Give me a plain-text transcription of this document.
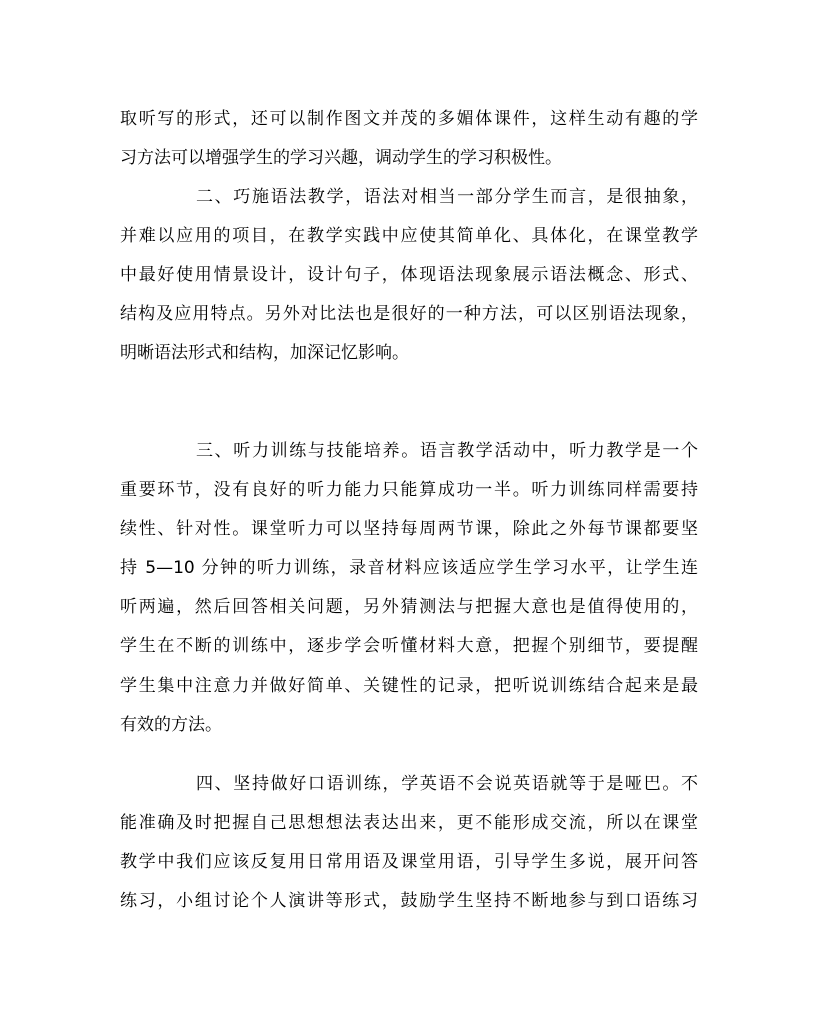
取听写的形式，还可以制作图文并茂的多媚体课件，这样生动有趣的学
习方法可以增强学生的学习兴趣，调动学生的学习积极性。
二、巧施语法教学，语法对相当一部分学生而言，是很抽象，
并难以应用的项目，在教学实践中应使其简单化、具体化，在课堂教学
中最好使用情景设计，设计句子，体现语法现象展示语法概念、形式、
结构及应用特点。另外对比法也是很好的一种方法，可以区别语法现象，
明晰语法形式和结构，加深记忆影响。
三、听力训练与技能培养。语言教学活动中，听力教学是一个
重要环节，没有良好的听力能力只能算成功一半。听力训练同样需要持
续性、针对性。课堂听力可以坚持每周两节课，除此之外每节课都要坚
持 5—10 分钟的听力训练，录音材料应该适应学生学习水平，让学生连
听两遍，然后回答相关问题，另外猜测法与把握大意也是值得使用的，
学生在不断的训练中，逐步学会听懂材料大意，把握个别细节，要提醒
学生集中注意力并做好简单、关键性的记录，把听说训练结合起来是最
有效的方法。
四、坚持做好口语训练，学英语不会说英语就等于是哑巴。不
能准确及时把握自己思想想法表达出来，更不能形成交流，所以在课堂
教学中我们应该反复用日常用语及课堂用语，引导学生多说，展开问答
练习，小组讨论个人演讲等形式，鼓励学生坚持不断地参与到口语练习
